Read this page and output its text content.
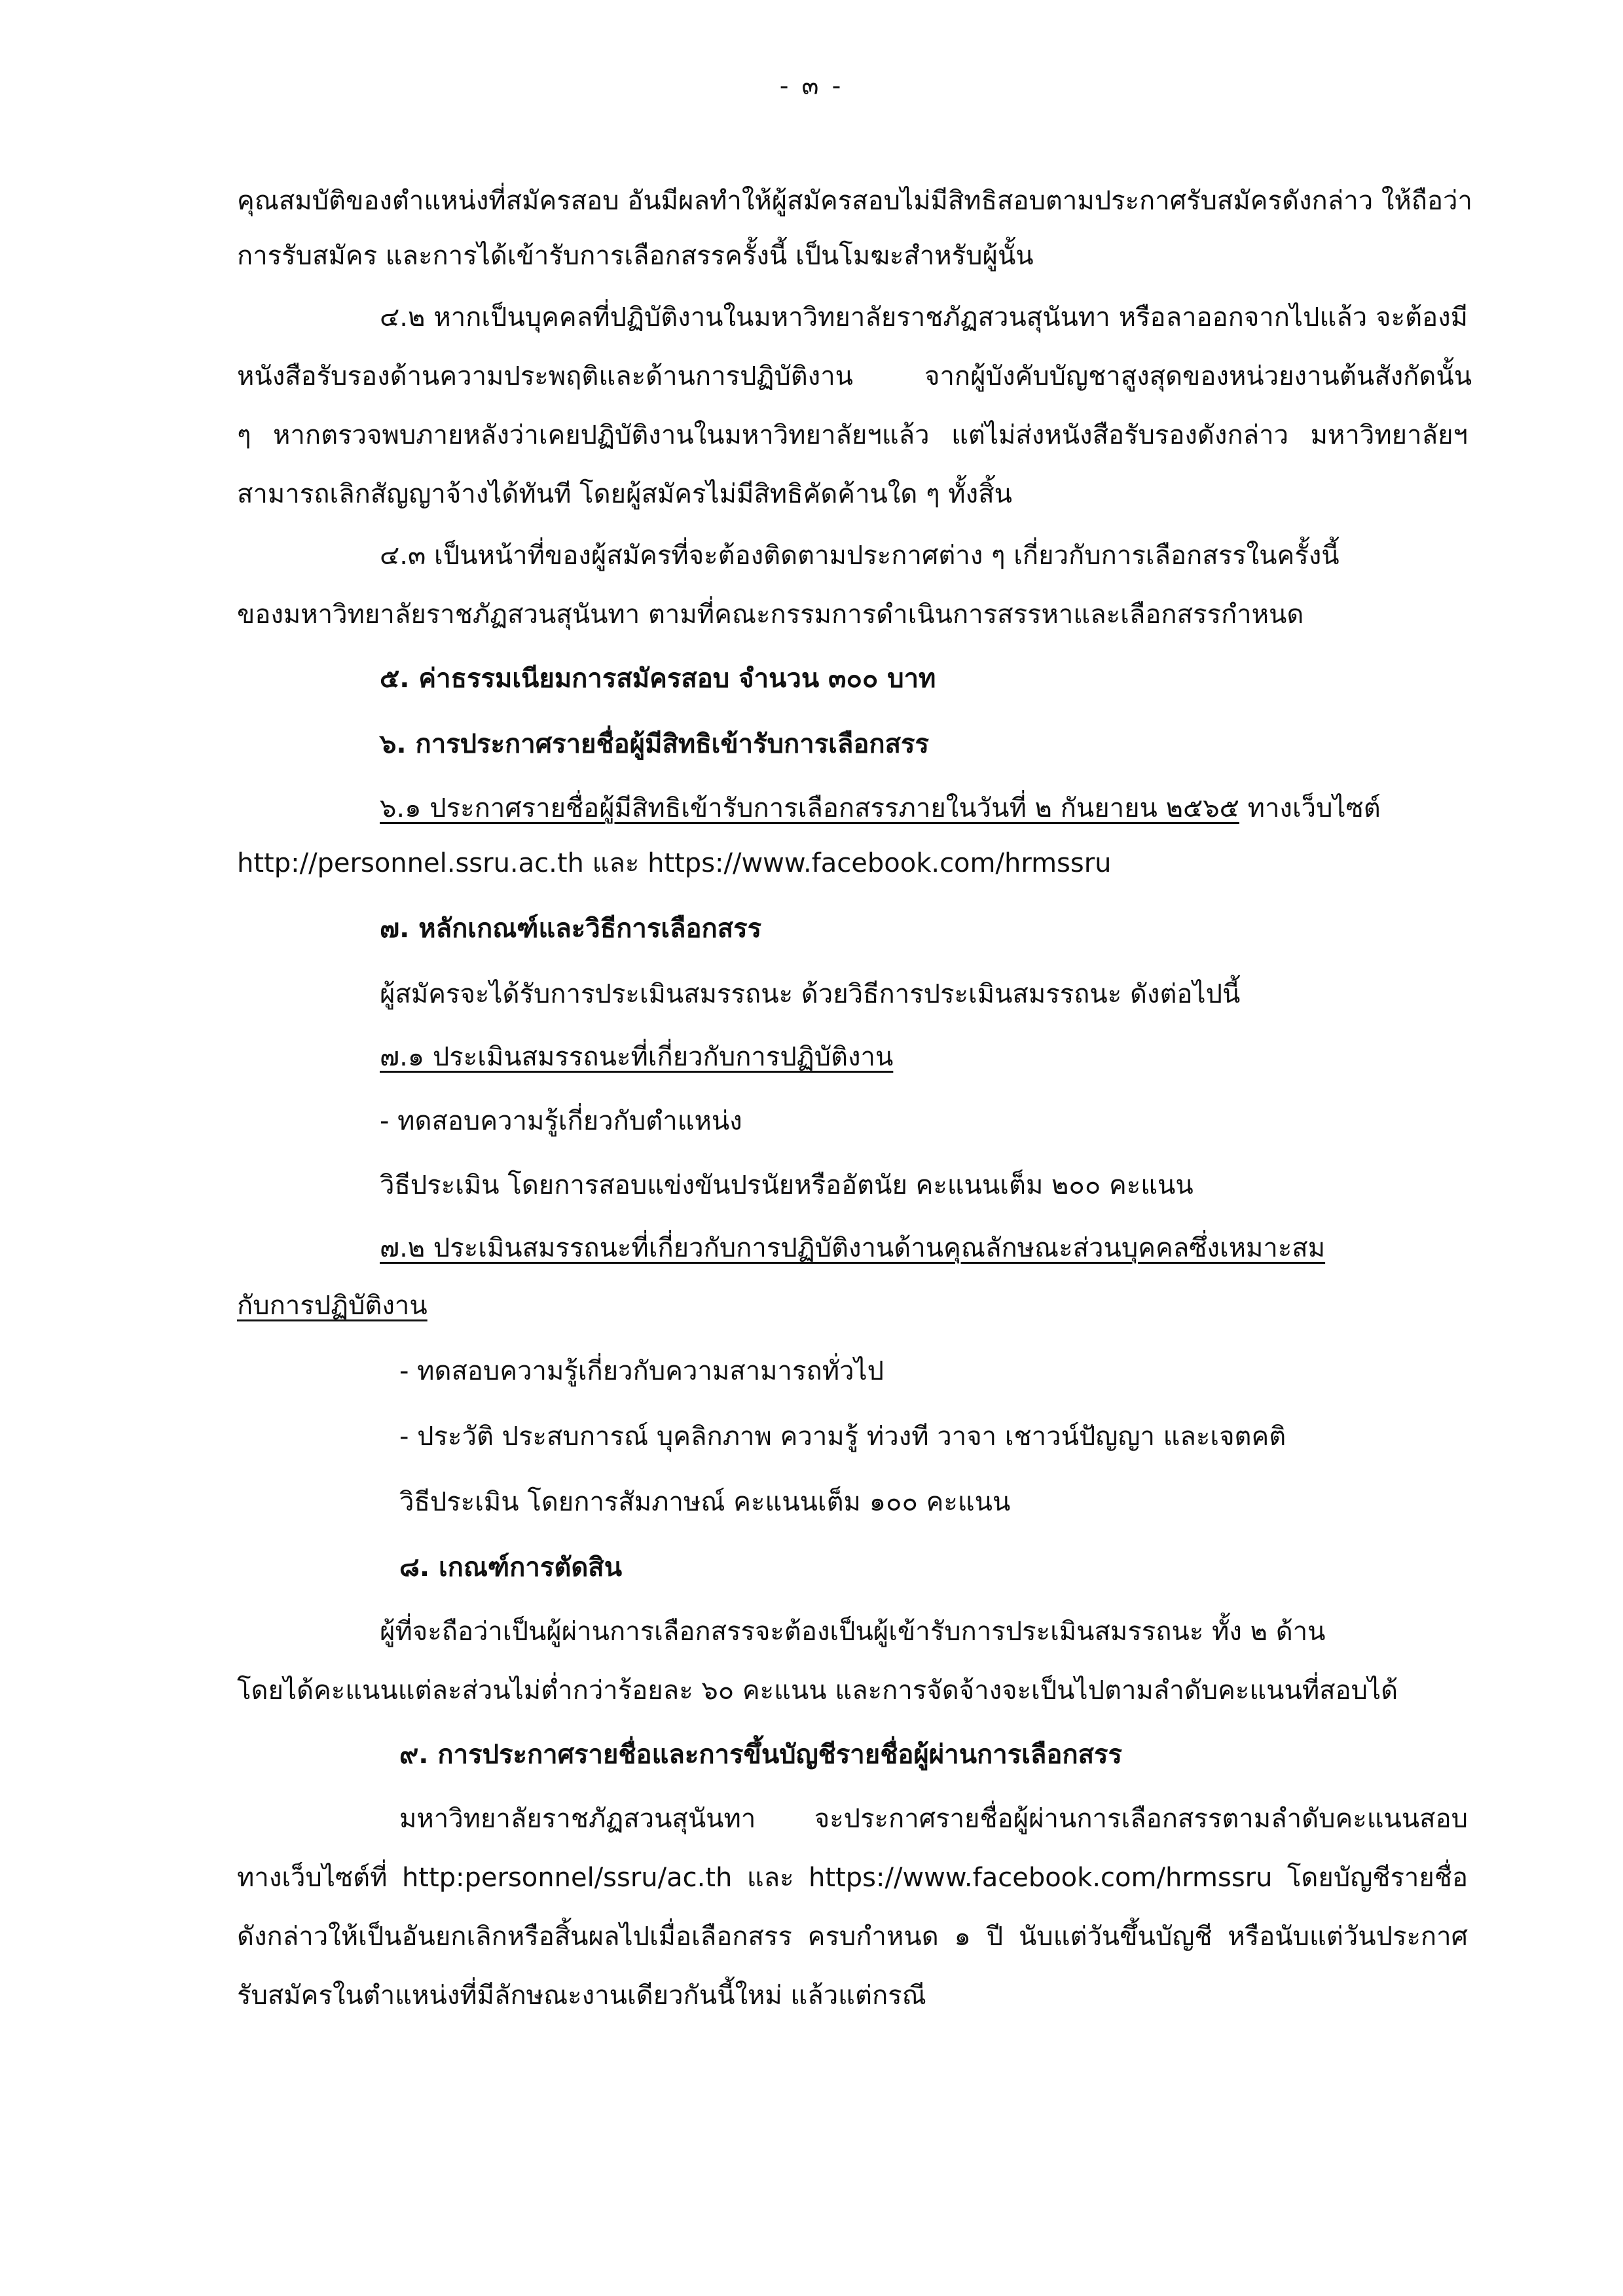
- ๓ -
คุณสมบัติของตำแหน่งที่สมัครสอบ อันมีผลทำให้ผู้สมัครสอบไม่มีสิทธิสอบตามประกาศรับสมัครดังกล่าว ให้ถือว่า
การรับสมัคร และการได้เข้ารับการเลือกสรรครั้งนี้ เป็นโมฆะสำหรับผู้นั้น
๔.๒ หากเป็นบุคคลที่ปฏิบัติงานในมหาวิทยาลัยราชภัฏสวนสุนันทา หรือลาออกจากไปแล้ว จะต้องมี
หนังสือรับรองด้านความประพฤติและด้านการปฏิบัติงาน	จากผู้บังคับบัญชาสูงสุดของหน่วยงานต้นสังกัดนั้น
ๆ หากตรวจพบภายหลังว่าเคยปฏิบัติงานในมหาวิทยาลัยฯแล้ว แต่ไม่ส่งหนังสือรับรองดังกล่าว มหาวิทยาลัยฯ
สามารถเลิกสัญญาจ้างได้ทันที โดยผู้สมัครไม่มีสิทธิคัดค้านใด ๆ ทั้งสิ้น
๔.๓ เป็นหน้าที่ของผู้สมัครที่จะต้องติดตามประกาศต่าง ๆ เกี่ยวกับการเลือกสรรในครั้งนี้
ของมหาวิทยาลัยราชภัฏสวนสุนันทา ตามที่คณะกรรมการดำเนินการสรรหาและเลือกสรรกำหนด
๕. ค่าธรรมเนียมการสมัครสอบ จำนวน ๓๐๐ บาท
๖. การประกาศรายชื่อผู้มีสิทธิเข้ารับการเลือกสรร
๖.๑ ประกาศรายชื่อผู้มีสิทธิเข้ารับการเลือกสรรภายในวันที่ ๒ กันยายน ๒๕๖๕ ทางเว็บไซต์
http://personnel.ssru.ac.th และ https://www.facebook.com/hrmssru
๗. หลักเกณฑ์และวิธีการเลือกสรร
ผู้สมัครจะได้รับการประเมินสมรรถนะ ด้วยวิธีการประเมินสมรรถนะ ดังต่อไปนี้
๗.๑ ประเมินสมรรถนะที่เกี่ยวกับการปฏิบัติงาน
- ทดสอบความรู้เกี่ยวกับตำแหน่ง
วิธีประเมิน โดยการสอบแข่งขันปรนัยหรืออัตนัย คะแนนเต็ม ๒๐๐ คะแนน
๗.๒ ประเมินสมรรถนะที่เกี่ยวกับการปฏิบัติงานด้านคุณลักษณะส่วนบุคคลซึ่งเหมาะสม
กับการปฏิบัติงาน
- ทดสอบความรู้เกี่ยวกับความสามารถทั่วไป
- ประวัติ ประสบการณ์ บุคลิกภาพ ความรู้ ท่วงที วาจา เชาวน์ปัญญา และเจตคติ
วิธีประเมิน โดยการสัมภาษณ์ คะแนนเต็ม ๑๐๐ คะแนน
๘. เกณฑ์การตัดสิน
ผู้ที่จะถือว่าเป็นผู้ผ่านการเลือกสรรจะต้องเป็นผู้เข้ารับการประเมินสมรรถนะ ทั้ง ๒ ด้าน
โดยได้คะแนนแต่ละส่วนไม่ต่ำกว่าร้อยละ ๖๐ คะแนน และการจัดจ้างจะเป็นไปตามลำดับคะแนนที่สอบได้
๙. การประกาศรายชื่อและการขึ้นบัญชีรายชื่อผู้ผ่านการเลือกสรร
มหาวิทยาลัยราชภัฏสวนสุนันทา จะประกาศรายชื่อผู้ผ่านการเลือกสรรตามลำดับคะแนนสอบ
ทางเว็บไซต์ที่ http:personnel/ssru/ac.th และ https://www.facebook.com/hrmssru โดยบัญชีรายชื่อ
ดังกล่าวให้เป็นอันยกเลิกหรือสิ้นผลไปเมื่อเลือกสรร ครบกำหนด ๑ ปี นับแต่วันขึ้นบัญชี หรือนับแต่วันประกาศ
รับสมัครในตำแหน่งที่มีลักษณะงานเดียวกันนี้ใหม่ แล้วแต่กรณี
